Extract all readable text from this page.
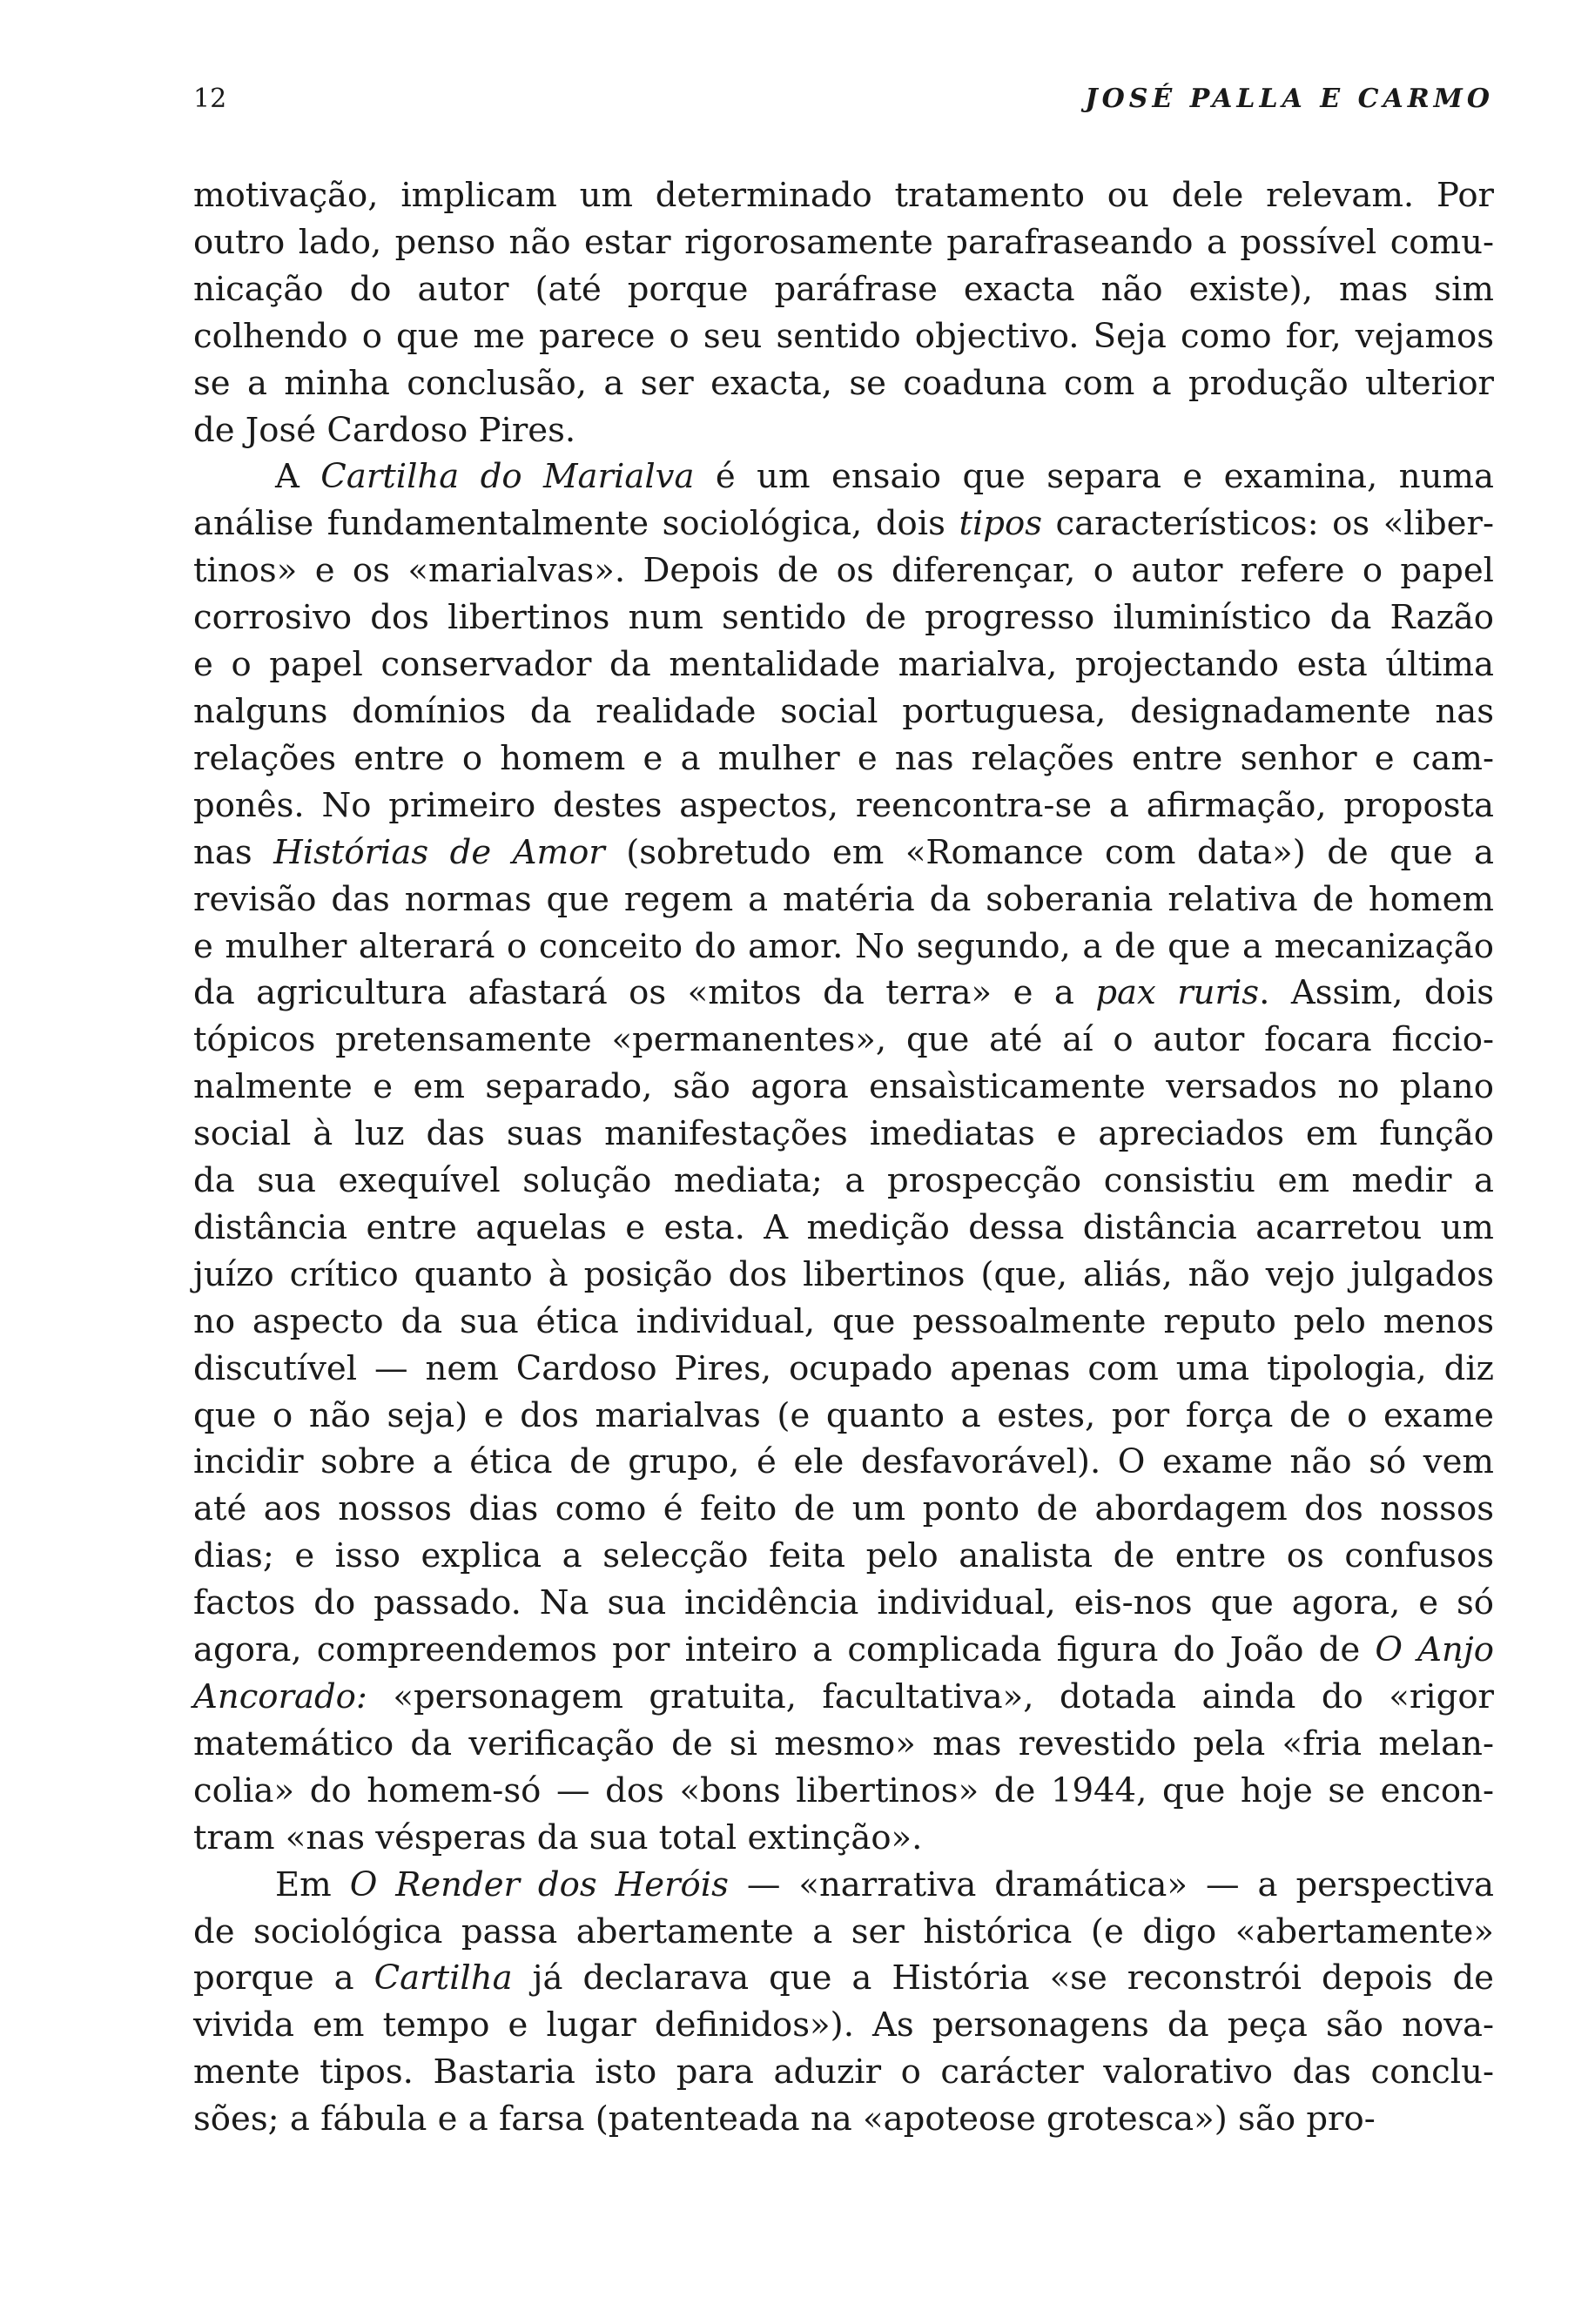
12	JOSÉ PALLA E CARMO
motivação, implicam um determinado tratamento ou dele relevam. Por
outro lado, penso não estar rigorosamente parafraseando a possível comu-
nicação do autor (até porque paráfrase exacta não existe), mas sim
colhendo o que me parece o seu sentido objectivo. Seja como for, vejamos
se a minha conclusão, a ser exacta, se coaduna com a produção ulterior
de José Cardoso Pires.
A Cartilha do Marialva é um ensaio que separa e examina, numa
análise fundamentalmente sociológica, dois tipos característicos: os «liber-
tinos» e os «marialvas». Depois de os diferençar, o autor refere o papel
corrosivo dos libertinos num sentido de progresso iluminístico da Razão
e o papel conservador da mentalidade marialva, projectando esta última
nalguns domínios da realidade social portuguesa, designadamente nas
relações entre o homem e a mulher e nas relações entre senhor e cam-
ponês. No primeiro destes aspectos, reencontra-se a afirmação, proposta
nas Histórias de Amor (sobretudo em «Romance com data») de que a
revisão das normas que regem a matéria da soberania relativa de homem
e mulher alterará o conceito do amor. No segundo, a de que a mecanização
da agricultura afastará os «mitos da terra» e a pax ruris. Assim, dois
tópicos pretensamente «permanentes», que até aí o autor focara ficcio-
nalmente e em separado, são agora ensaìsticamente versados no plano
social à luz das suas manifestações imediatas e apreciados em função
da sua exequível solução mediata; a prospecção consistiu em medir a
distância entre aquelas e esta. A medição dessa distância acarretou um
juízo crítico quanto à posição dos libertinos (que, aliás, não vejo julgados
no aspecto da sua ética individual, que pessoalmente reputo pelo menos
discutível — nem Cardoso Pires, ocupado apenas com uma tipologia, diz
que o não seja) e dos marialvas (e quanto a estes, por força de o exame
incidir sobre a ética de grupo, é ele desfavorável). O exame não só vem
até aos nossos dias como é feito de um ponto de abordagem dos nossos
dias; e isso explica a selecção feita pelo analista de entre os confusos
factos do passado. Na sua incidência individual, eis-nos que agora, e só
agora, compreendemos por inteiro a complicada figura do João de O Anjo
Ancorado: «personagem gratuita, facultativa», dotada ainda do «rigor
matemático da verificação de si mesmo» mas revestido pela «fria melan-
colia» do homem-só — dos «bons libertinos» de 1944, que hoje se encon-
tram «nas vésperas da sua total extinção».
Em O Render dos Heróis — «narrativa dramática» — a perspectiva
de sociológica passa abertamente a ser histórica (e digo «abertamente»
porque a Cartilha já declarava que a História «se reconstrói depois de
vivida em tempo e lugar definidos»). As personagens da peça são nova-
mente tipos. Bastaria isto para aduzir o carácter valorativo das conclu-
sões; a fábula e a farsa (patenteada na «apoteose grotesca») são pro-
